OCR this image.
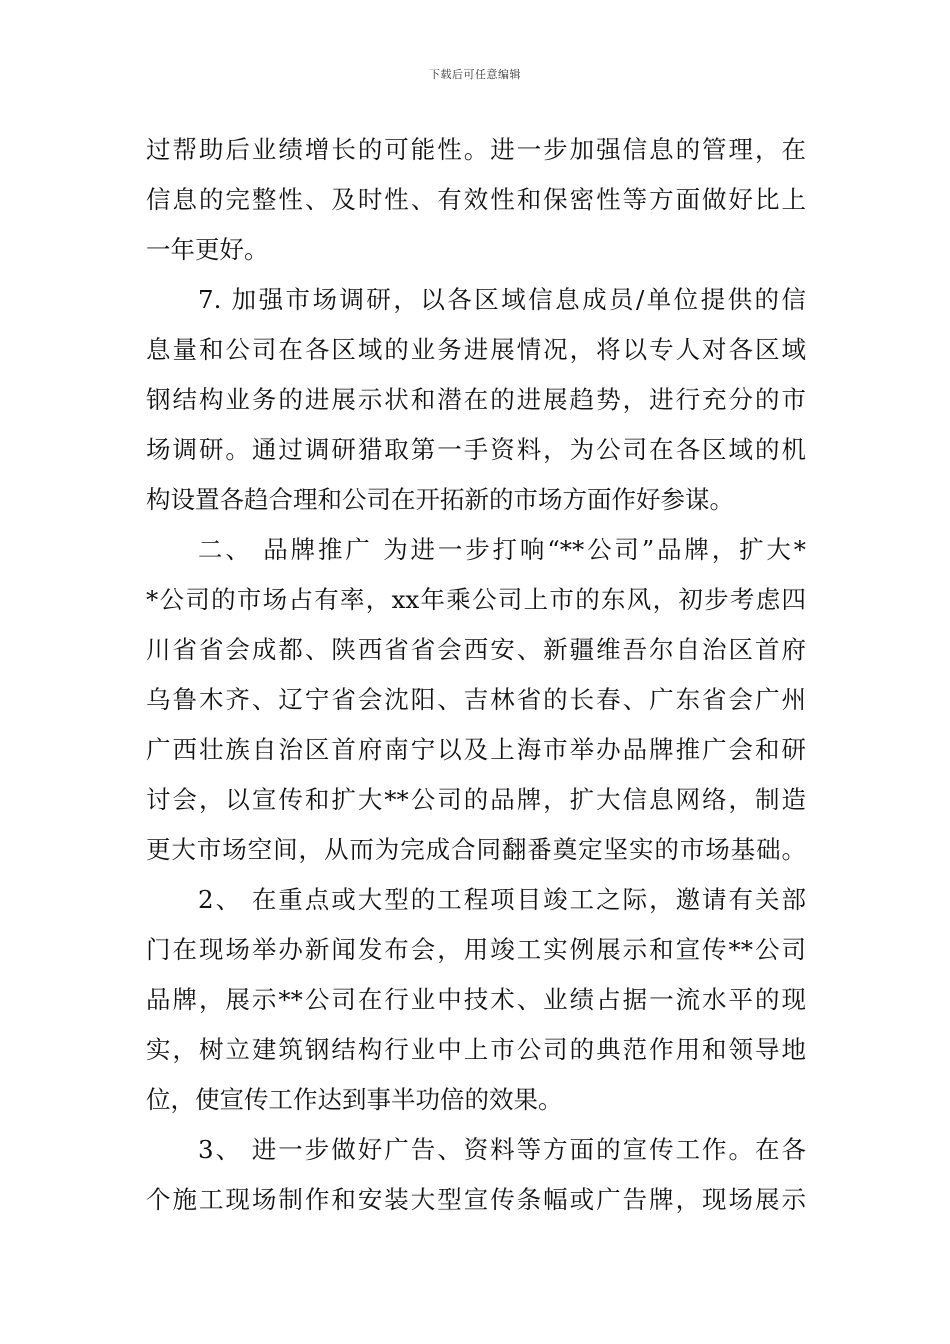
下载后可任意编辑
过帮助后业绩增长的可能性。进一步加强信息的管理，在
信息的完整性、及时性、有效性和保密性等方面做好比上
一年更好。
7. 加强市场调研，以各区域信息成员/单位提供的信
息量和公司在各区域的业务进展情况，将以专人对各区域
钢结构业务的进展示状和潜在的进展趋势，进行充分的市
场调研。通过调研猎取第一手资料，为公司在各区域的机
构设置各趋合理和公司在开拓新的市场方面作好参谋。
二、 品牌推广 为进一步打响“**公司”品牌，扩大*
*公司的市场占有率，xx年乘公司上市的东风，初步考虑四
川省省会成都、陕西省省会西安、新疆维吾尔自治区首府
乌鲁木齐、辽宁省会沈阳、吉林省的长春、广东省会广州
广西壮族自治区首府南宁以及上海市举办品牌推广会和研
讨会，以宣传和扩大**公司的品牌，扩大信息网络，制造
更大市场空间，从而为完成合同翻番奠定坚实的市场基础。
2、 在重点或大型的工程项目竣工之际，邀请有关部
门在现场举办新闻发布会，用竣工实例展示和宣传**公司
品牌，展示**公司在行业中技术、业绩占据一流水平的现
实，树立建筑钢结构行业中上市公司的典范作用和领导地
位，使宣传工作达到事半功倍的效果。
3、 进一步做好广告、资料等方面的宣传工作。在各
个施工现场制作和安装大型宣传条幅或广告牌，现场展示
